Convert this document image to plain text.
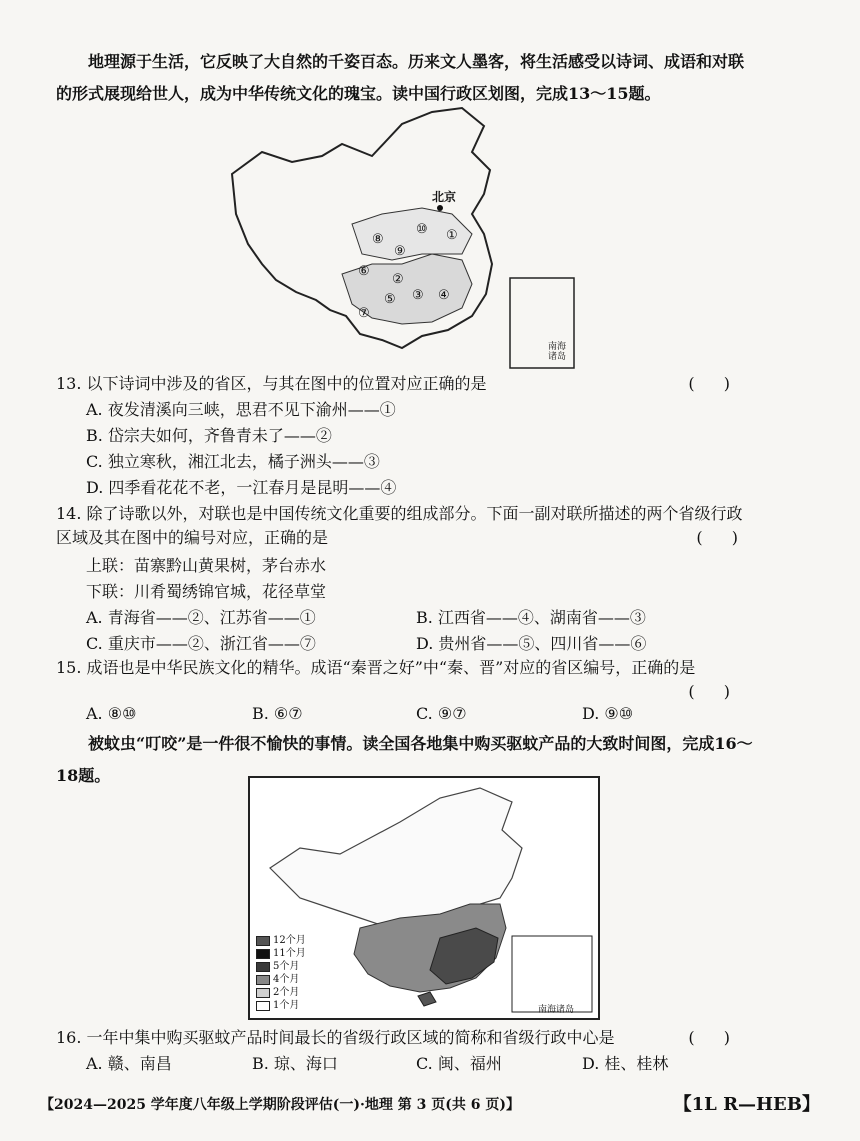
地理源于生活，它反映了大自然的千姿百态。历来文人墨客，将生活感受以诗词、成语和对联的形式展现给世人，成为中华传统文化的瑰宝。读中国行政区划图，完成13～15题。
北京
南海诸岛
①
②
③ ④
⑤
⑥
⑦
⑧
⑨
⑩
13. 以下诗词中涉及的省区，与其在图中的位置对应正确的是	( )
A. 夜发清溪向三峡，思君不见下渝州——①
B. 岱宗夫如何，齐鲁青未了——②
C. 独立寒秋，湘江北去，橘子洲头——③
D. 四季看花花不老，一江春月是昆明——④
14. 除了诗歌以外，对联也是中国传统文化重要的组成部分。下面一副对联所描述的两个省级行政区域及其在图中的编号对应，正确的是	( )
上联：苗寨黔山黄果树，茅台赤水
下联：川肴蜀绣锦官城，花径草堂
A. 青海省——②、江苏省——①	B. 江西省——④、湖南省——③
C. 重庆市——②、浙江省——⑦	D. 贵州省——⑤、四川省——⑥
15. 成语也是中华民族文化的精华。成语“秦晋之好”中“秦、晋”对应的省区编号，正确的是
( )
A. ⑧⑩	B. ⑥⑦	C. ⑨⑦	D. ⑨⑩
被蚊虫“叮咬”是一件很不愉快的事情。读全国各地集中购买驱蚊产品的大致时间图，完成16～18题。
南海诸岛
12个月
11个月
5个月
4个月
2个月
1个月
16. 一年中集中购买驱蚊产品时间最长的省级行政区域的简称和省级行政中心是	( )
A. 赣、南昌	B. 琼、海口	C. 闽、福州	D. 桂、桂林
【2024—2025 学年度八年级上学期阶段评估(一)·地理 第 3 页(共 6 页)】	【1L R—HEB】
